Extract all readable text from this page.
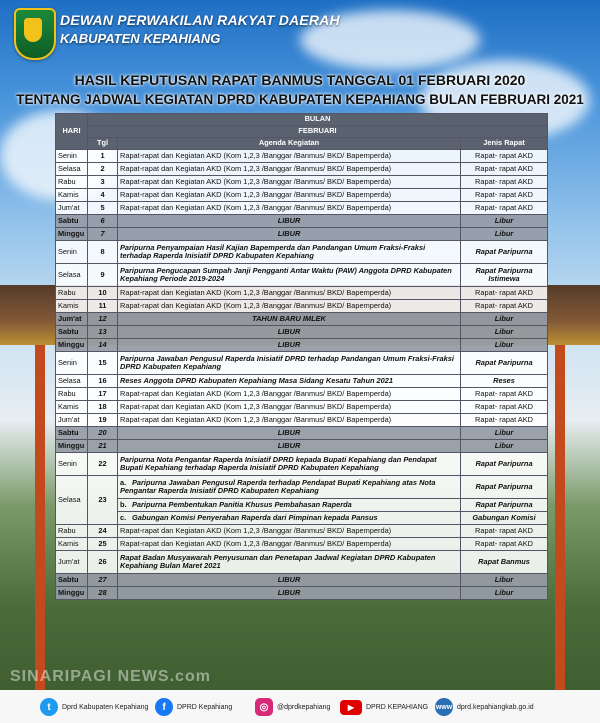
DEWAN PERWAKILAN RAKYAT DAERAH
KABUPATEN KEPAHIANG
HASIL KEPUTUSAN RAPAT BANMUS TANGGAL 01 FEBRUARI 2020
TENTANG JADWAL KEGIATAN DPRD KABUPATEN KEPAHIANG BULAN FEBRUARI 2021
HARI	BULAN		
	FEBRUARI		
	Tgl	Agenda Kegiatan	Jenis Rapat
Senin	1	Rapat-rapat dan Kegiatan AKD (Kom 1,2,3 /Banggar /Banmus/ BKD/ Bapemperda)	Rapat- rapat AKD
Selasa	2	Rapat-rapat dan Kegiatan AKD (Kom 1,2,3 /Banggar /Banmus/ BKD/ Bapemperda)	Rapat- rapat AKD
Rabu	3	Rapat-rapat dan Kegiatan AKD (Kom 1,2,3 /Banggar /Banmus/ BKD/ Bapemperda)	Rapat- rapat AKD
Kamis	4	Rapat-rapat dan Kegiatan AKD (Kom 1,2,3 /Banggar /Banmus/ BKD/ Bapemperda)	Rapat- rapat AKD
Jum'at	5	Rapat-rapat dan Kegiatan AKD (Kom 1,2,3 /Banggar /Banmus/ BKD/ Bapemperda)	Rapat- rapat AKD
Sabtu	6	LIBUR	Libur
Minggu	7	LIBUR	Libur
Senin	8	Paripurna Penyampaian Hasil Kajian Bapemperda dan Pandangan Umum Fraksi-Fraksi terhadap Raperda Inisiatif DPRD Kabupaten Kepahiang	Rapat Paripurna
Selasa	9	Paripurna Pengucapan Sumpah Janji Pengganti Antar Waktu (PAW) Anggota DPRD Kabupaten Kepahiang Periode 2019-2024	Rapat Paripurna Istimewa
Rabu	10	Rapat-rapat dan Kegiatan AKD (Kom 1,2,3 /Banggar /Banmus/ BKD/ Bapemperda)	Rapat- rapat AKD
Kamis	11	Rapat-rapat dan Kegiatan AKD (Kom 1,2,3 /Banggar /Banmus/ BKD/ Bapemperda)	Rapat- rapat AKD
Jum'at	12	TAHUN BARU IMLEK	Libur
Sabtu	13	LIBUR	Libur
Minggu	14	LIBUR	Libur
Senin	15	Paripurna Jawaban Pengusul Raperda Inisiatif DPRD terhadap Pandangan Umum Fraksi-Fraksi DPRD Kabupaten Kepahiang	Rapat Paripurna
Selasa	16	Reses Anggota DPRD Kabupaten Kepahiang Masa Sidang Kesatu Tahun 2021	Reses
Rabu	17	Rapat-rapat dan Kegiatan AKD (Kom 1,2,3 /Banggar /Banmus/ BKD/ Bapemperda)	Rapat- rapat AKD
Kamis	18	Rapat-rapat dan Kegiatan AKD (Kom 1,2,3 /Banggar /Banmus/ BKD/ Bapemperda)	Rapat- rapat AKD
Jum'at	19	Rapat-rapat dan Kegiatan AKD (Kom 1,2,3 /Banggar /Banmus/ BKD/ Bapemperda)	Rapat- rapat AKD
Sabtu	20	LIBUR	Libur
Minggu	21	LIBUR	Libur
Senin	22	Paripurna Nota Pengantar Raperda Inisiatif DPRD kepada Bupati Kepahiang dan Pendapat Bupati Kepahiang terhadap Raperda Inisiatif DPRD Kabupaten Kepahiang	Rapat Paripurna
Selasa	23	a. Paripurna Jawaban Pengusul Raperda terhadap Pendapat Bupati Kepahiang atas Nota Pengantar Raperda Inisiatif DPRD Kabupaten Kepahiang	Rapat Paripurna
		b. Paripurna Pembentukan Panitia Khusus Pembahasan Raperda	Rapat Paripurna
		c. Gabungan Komisi Penyerahan Raperda dari Pimpinan kepada Pansus	Gabungan Komisi
Rabu	24	Rapat-rapat dan Kegiatan AKD (Kom 1,2,3 /Banggar /Banmus/ BKD/ Bapemperda)	Rapat- rapat AKD
Kamis	25	Rapat-rapat dan Kegiatan AKD (Kom 1,2,3 /Banggar /Banmus/ BKD/ Bapemperda)	Rapat- rapat AKD
Jum'at	26	Rapat Badan Musyawarah Penyusunan dan Penetapan Jadwal Kegiatan DPRD Kabupaten Kepahiang Bulan Maret 2021	Rapat Banmus
Sabtu	27	LIBUR	Libur
Minggu	28	LIBUR	Libur
SINARIPAGI NEWS.com
t	Dprd Kabupaten Kepahiang	f	DPRD Kepahiang	◎	@dprdkepahiang	▶	DPRD KEPAHIANG www dprd.kepahiangkab.go.id
